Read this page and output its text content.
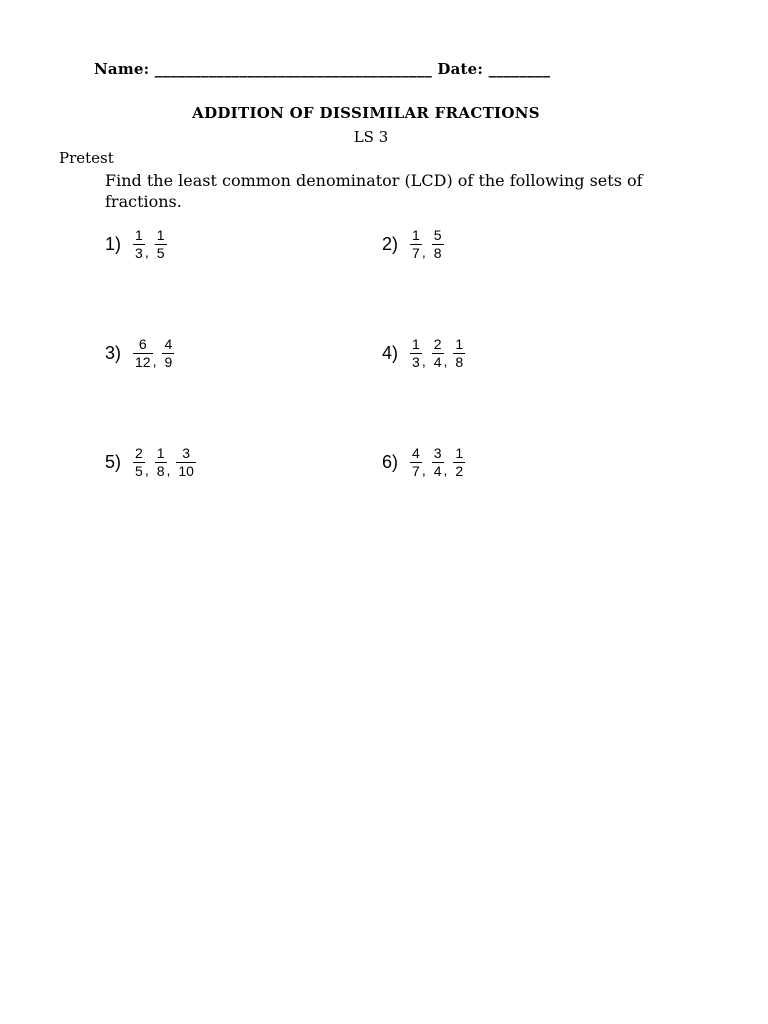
Name: ____________________________________ Date: ________
ADDITION OF DISSIMILAR FRACTIONS
LS 3
Pretest
Find the least common denominator (LCD) of the following sets of fractions.
$1) \frac{1}{3}$ , $\frac{1}{5}$	$2) \frac{1}{7}$ , $\frac{5}{8}$
$3) \frac{6}{12}$ , $\frac{4}{9}$	$4) \frac{1}{3}$ , $\frac{2}{4}$ , $\frac{1}{8}$
$5) \frac{2}{5}$ , $\frac{1}{8}$ , $\frac{3}{10}$	$6) \frac{4}{7}$ , $\frac{3}{4}$ , $\frac{1}{2}$
